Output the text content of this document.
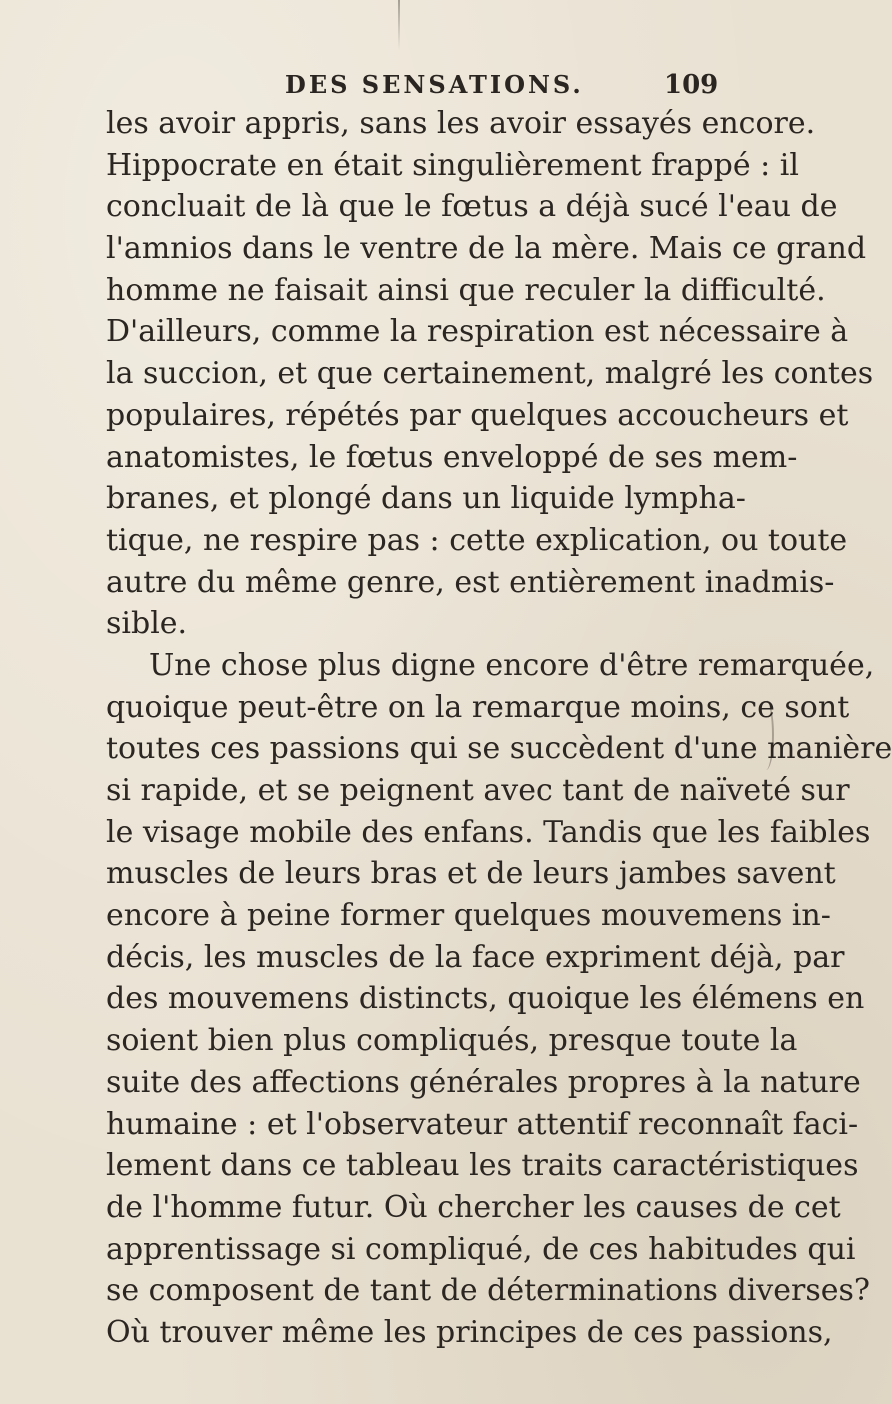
DES SENSATIONS.	109
les avoir appris, sans les avoir essayés encore.
Hippocrate en était singulièrement frappé : il
concluait de là que le fœtus a déjà sucé l'eau de
l'amnios dans le ventre de la mère. Mais ce grand
homme ne faisait ainsi que reculer la difficulté.
D'ailleurs, comme la respiration est nécessaire à
la succion, et que certainement, malgré les contes
populaires, répétés par quelques accoucheurs et
anatomistes, le fœtus enveloppé de ses mem-
branes, et plongé dans un liquide lympha-
tique, ne respire pas : cette explication, ou toute
autre du même genre, est entièrement inadmis-
sible.
Une chose plus digne encore d'être remarquée,
quoique peut-être on la remarque moins, ce sont
toutes ces passions qui se succèdent d'une manière
si rapide, et se peignent avec tant de naïveté sur
le visage mobile des enfans. Tandis que les faibles
muscles de leurs bras et de leurs jambes savent
encore à peine former quelques mouvemens in-
décis, les muscles de la face expriment déjà, par
des mouvemens distincts, quoique les élémens en
soient bien plus compliqués, presque toute la
suite des affections générales propres à la nature
humaine : et l'observateur attentif reconnaît faci-
lement dans ce tableau les traits caractéristiques
de l'homme futur. Où chercher les causes de cet
apprentissage si compliqué, de ces habitudes qui
se composent de tant de déterminations diverses?
Où trouver même les principes de ces passions,
